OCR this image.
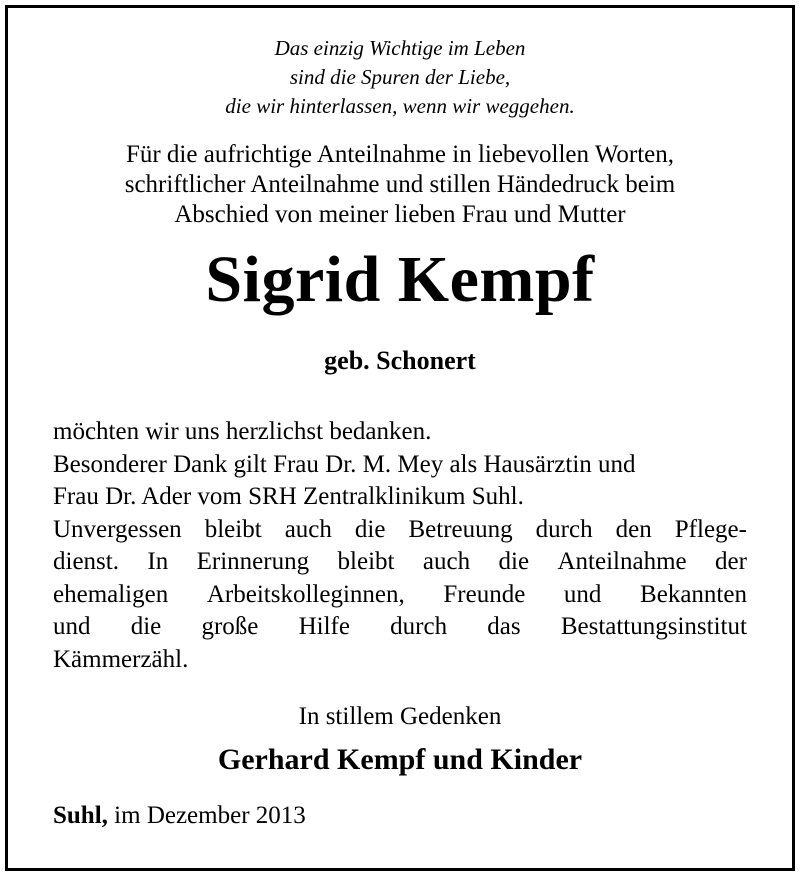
Das einzig Wichtige im Leben
sind die Spuren der Liebe,
die wir hinterlassen, wenn wir weggehen.
Für die aufrichtige Anteilnahme in liebevollen Worten,
schriftlicher Anteilnahme und stillen Händedruck beim
Abschied von meiner lieben Frau und Mutter
Sigrid Kempf
geb. Schonert
möchten wir uns herzlichst bedanken.
Besonderer Dank gilt Frau Dr. M. Mey als Hausärztin und
Frau Dr. Ader vom SRH Zentralklinikum Suhl.
Unvergessen bleibt auch die Betreuung durch den Pflege-
dienst. In Erinnerung bleibt auch die Anteilnahme der
ehemaligen Arbeitskolleginnen, Freunde und Bekannten
und die große Hilfe durch das Bestattungsinstitut
Kämmerzähl.
In stillem Gedenken
Gerhard Kempf und Kinder
Suhl, im Dezember 2013
